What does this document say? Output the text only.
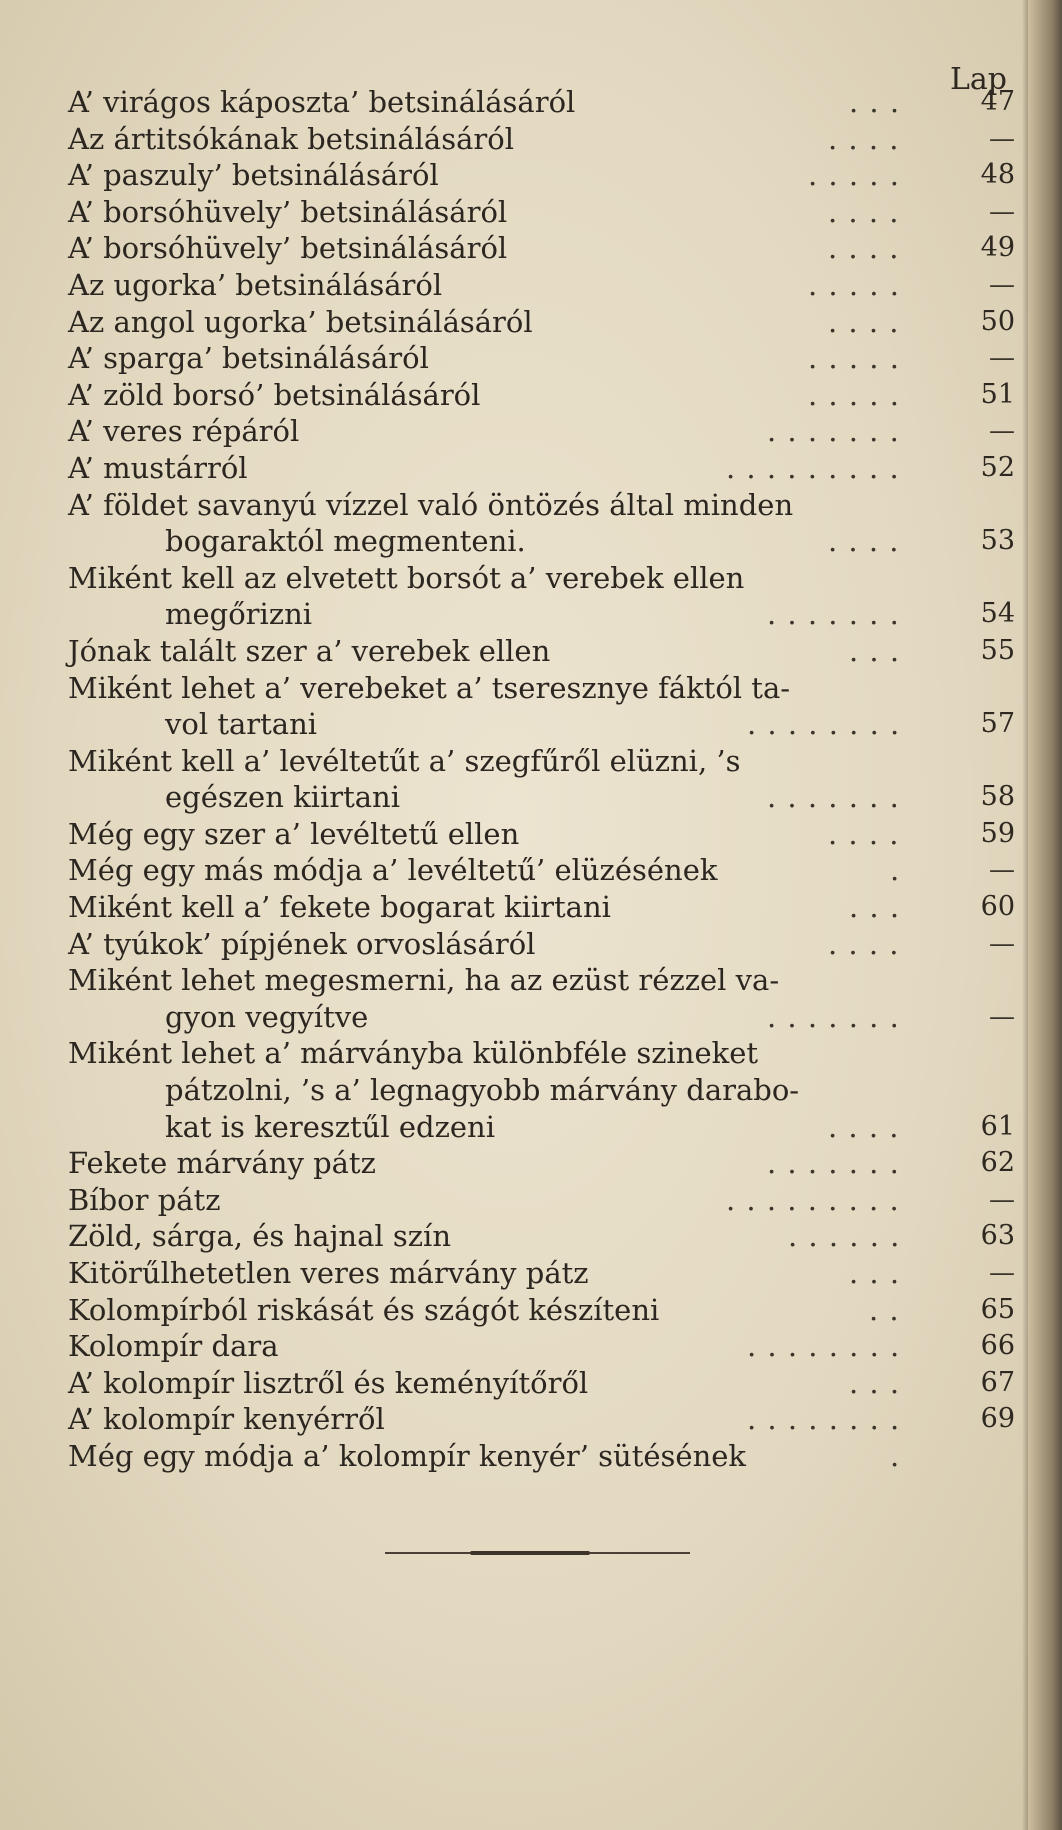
Lap
A’ virágos káposzta’ betsinálásáról	. . .	47
Az ártitsókának betsinálásáról	. . . .	—
A’ paszuly’ betsinálásáról	. . . . .	48
A’ borsóhüvely’ betsinálásáról	. . . .	—
A’ borsóhüvely’ betsinálásáról	. . . .	49
Az ugorka’ betsinálásáról	. . . . .	—
Az angol ugorka’ betsinálásáról	. . . .	50
A’ sparga’ betsinálásáról	. . . . .	—
A’ zöld borsó’ betsinálásáról	. . . . .	51
A’ veres répáról	. . . . . . .	—
A’ mustárról	. . . . . . . . .	52
A’ földet savanyú vízzel való öntözés által minden
bogaraktól megmenteni.	. . . .	53
Miként kell az elvetett borsót a’ verebek ellen
megőrizni	. . . . . . .	54
Jónak talált szer a’ verebek ellen	. . .	55
Miként lehet a’ verebeket a’ tseresznye fáktól ta-
vol tartani	. . . . . . . .	57
Miként kell a’ levéltetűt a’ szegfűről elüzni, ’s
egészen kiirtani	. . . . . . .	58
Még egy szer a’ levéltetű ellen	. . . .	59
Még egy más módja a’ levéltetű’ elüzésének	.	—
Miként kell a’ fekete bogarat kiirtani	. . .	60
A’ tyúkok’ pípjének orvoslásáról	. . . .	—
Miként lehet megesmerni, ha az ezüst rézzel va-
gyon vegyítve	. . . . . . .	—
Miként lehet a’ márványba különbféle szineket
pátzolni, ’s a’ legnagyobb márvány darabo-
kat is keresztűl edzeni	. . . .	61
Fekete márvány pátz	. . . . . . .	62
Bíbor pátz	. . . . . . . . .	—
Zöld, sárga, és hajnal szín	. . . . . .	63
Kitörűlhetetlen veres márvány pátz	. . .	—
Kolompírból riskását és szágót készíteni	. .	65
Kolompír dara	. . . . . . . .	66
A’ kolompír lisztről és keményítőről	. . .	67
A’ kolompír kenyérről	. . . . . . . .	69
Még egy módja a’ kolompír kenyér’ sütésének	.
